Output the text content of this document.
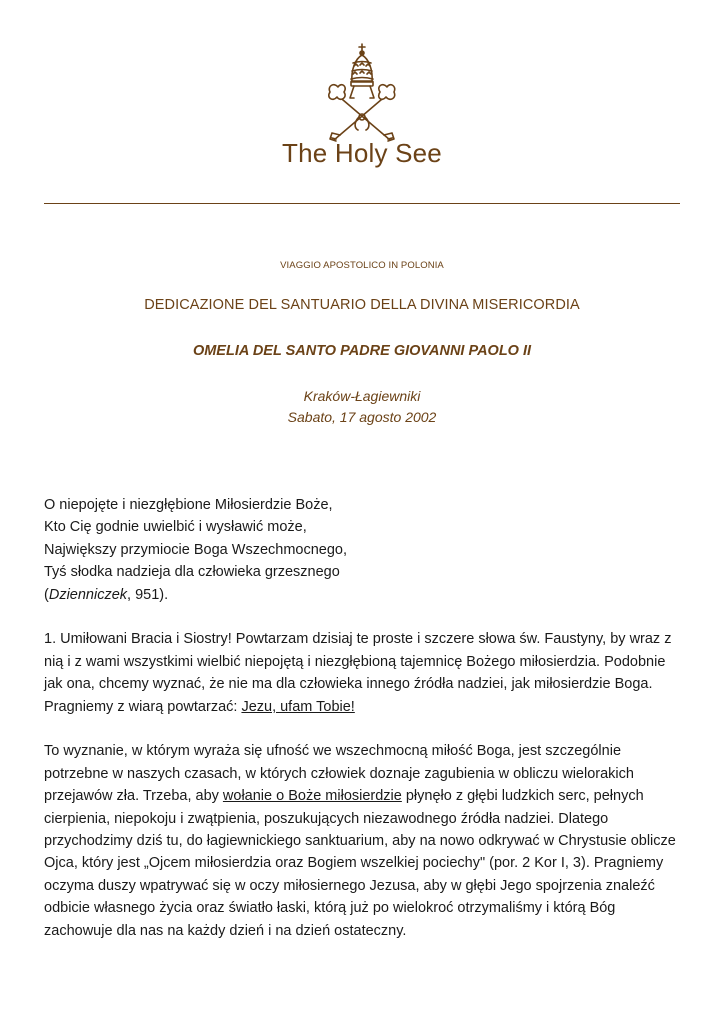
The Holy See
VIAGGIO APOSTOLICO IN POLONIA
DEDICAZIONE DEL SANTUARIO DELLA DIVINA MISERICORDIA
OMELIA DEL SANTO PADRE GIOVANNI PAOLO II
Kraków-Łagiewniki
Sabato, 17 agosto 2002

O niepojęte i niezgłębione Miłosierdzie Boże,
Kto Cię godnie uwielbić i wysławić może,
Największy przymiocie Boga Wszechmocnego,
Tyś słodka nadzieja dla człowieka grzesznego
(Dzienniczek, 951).

1. Umiłowani Bracia i Siostry! Powtarzam dzisiaj te proste i szczere słowa św. Faustyny, by wraz z
nią i z wami wszystkimi wielbić niepojętą i niezgłębioną tajemnicę Bożego miłosierdzia. Podobnie
jak ona, chcemy wyznać, że nie ma dla człowieka innego źródła nadziei, jak miłosierdzie Boga.
Pragniemy z wiarą powtarzać: Jezu, ufam Tobie!

To wyznanie, w którym wyraża się ufność we wszechmocną miłość Boga, jest szczególnie
potrzebne w naszych czasach, w których człowiek doznaje zagubienia w obliczu wielorakich
przejawów zła. Trzeba, aby wołanie o Boże miłosierdzie płynęło z głębi ludzkich serc, pełnych
cierpienia, niepokoju i zwątpienia, poszukujących niezawodnego źródła nadziei. Dlatego
przychodzimy dziś tu, do łagiewnickiego sanktuarium, aby na nowo odkrywać w Chrystusie oblicze
Ojca, który jest „Ojcem miłosierdzia oraz Bogiem wszelkiej pociechy" (por. 2 Kor I, 3). Pragniemy
oczyma duszy wpatrywać się w oczy miłosiernego Jezusa, aby w głębi Jego spojrzenia znaleźć
odbicie własnego życia oraz światło łaski, którą już po wielokroć otrzymaliśmy i którą Bóg
zachowuje dla nas na każdy dzień i na dzień ostateczny.
